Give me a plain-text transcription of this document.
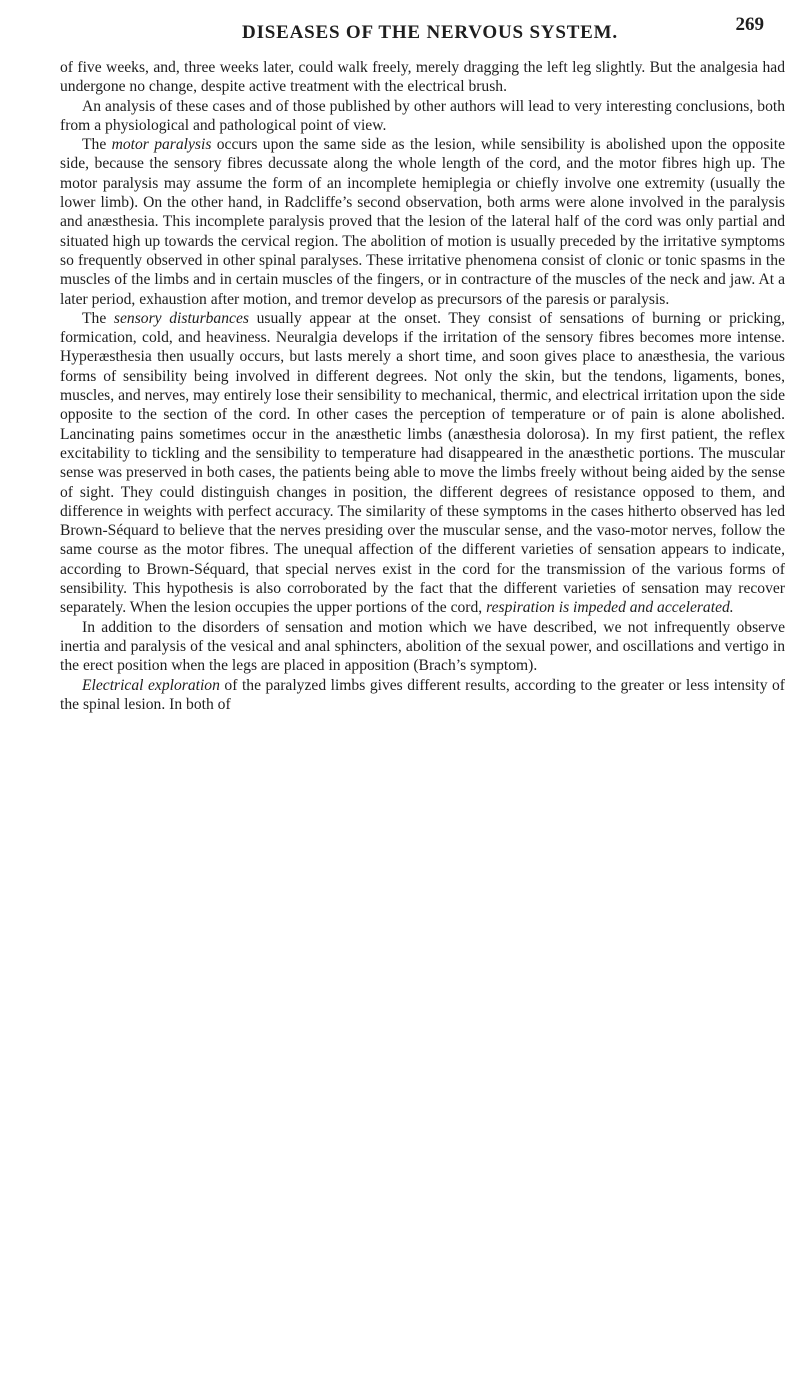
DISEASES OF THE NERVOUS SYSTEM.	269

of five weeks, and, three weeks later, could walk freely, merely dragging the left leg slightly. But the analgesia had undergone no change, despite active treatment with the electrical brush.

An analysis of these cases and of those published by other authors will lead to very interesting conclusions, both from a physiological and pathological point of view.

The motor paralysis occurs upon the same side as the lesion, while sensibility is abolished upon the opposite side, because the sensory fibres decussate along the whole length of the cord, and the motor fibres high up. The motor paralysis may assume the form of an incomplete hemiplegia or chiefly involve one extremity (usually the lower limb). On the other hand, in Radcliffe’s second observation, both arms were alone involved in the paralysis and anæsthesia. This incomplete paralysis proved that the lesion of the lateral half of the cord was only partial and situated high up towards the cervical region. The abolition of motion is usually preceded by the irritative symptoms so frequently observed in other spinal paralyses. These irritative phenomena consist of clonic or tonic spasms in the muscles of the limbs and in certain muscles of the fingers, or in contracture of the muscles of the neck and jaw. At a later period, exhaustion after motion, and tremor develop as precursors of the paresis or paralysis.

The sensory disturbances usually appear at the onset. They consist of sensations of burning or pricking, formication, cold, and heaviness. Neuralgia develops if the irritation of the sensory fibres becomes more intense. Hyperæsthesia then usually occurs, but lasts merely a short time, and soon gives place to anæsthesia, the various forms of sensibility being involved in different degrees. Not only the skin, but the tendons, ligaments, bones, muscles, and nerves, may entirely lose their sensibility to mechanical, thermic, and electrical irritation upon the side opposite to the section of the cord. In other cases the perception of temperature or of pain is alone abolished. Lancinating pains sometimes occur in the anæsthetic limbs (anæsthesia dolorosa). In my first patient, the reflex excitability to tickling and the sensibility to temperature had disappeared in the anæsthetic portions. The muscular sense was preserved in both cases, the patients being able to move the limbs freely without being aided by the sense of sight. They could distinguish changes in position, the different degrees of resistance opposed to them, and difference in weights with perfect accuracy. The similarity of these symptoms in the cases hitherto observed has led Brown-Séquard to believe that the nerves presiding over the muscular sense, and the vaso-motor nerves, follow the same course as the motor fibres. The unequal affection of the different varieties of sensation appears to indicate, according to Brown-Séquard, that special nerves exist in the cord for the transmission of the various forms of sensibility. This hypothesis is also corroborated by the fact that the different varieties of sensation may recover separately. When the lesion occupies the upper portions of the cord, respiration is impeded and accelerated.

In addition to the disorders of sensation and motion which we have described, we not infrequently observe inertia and paralysis of the vesical and anal sphincters, abolition of the sexual power, and oscillations and vertigo in the erect position when the legs are placed in apposition (Brach’s symptom).

Electrical exploration of the paralyzed limbs gives different results, according to the greater or less intensity of the spinal lesion. In both of
